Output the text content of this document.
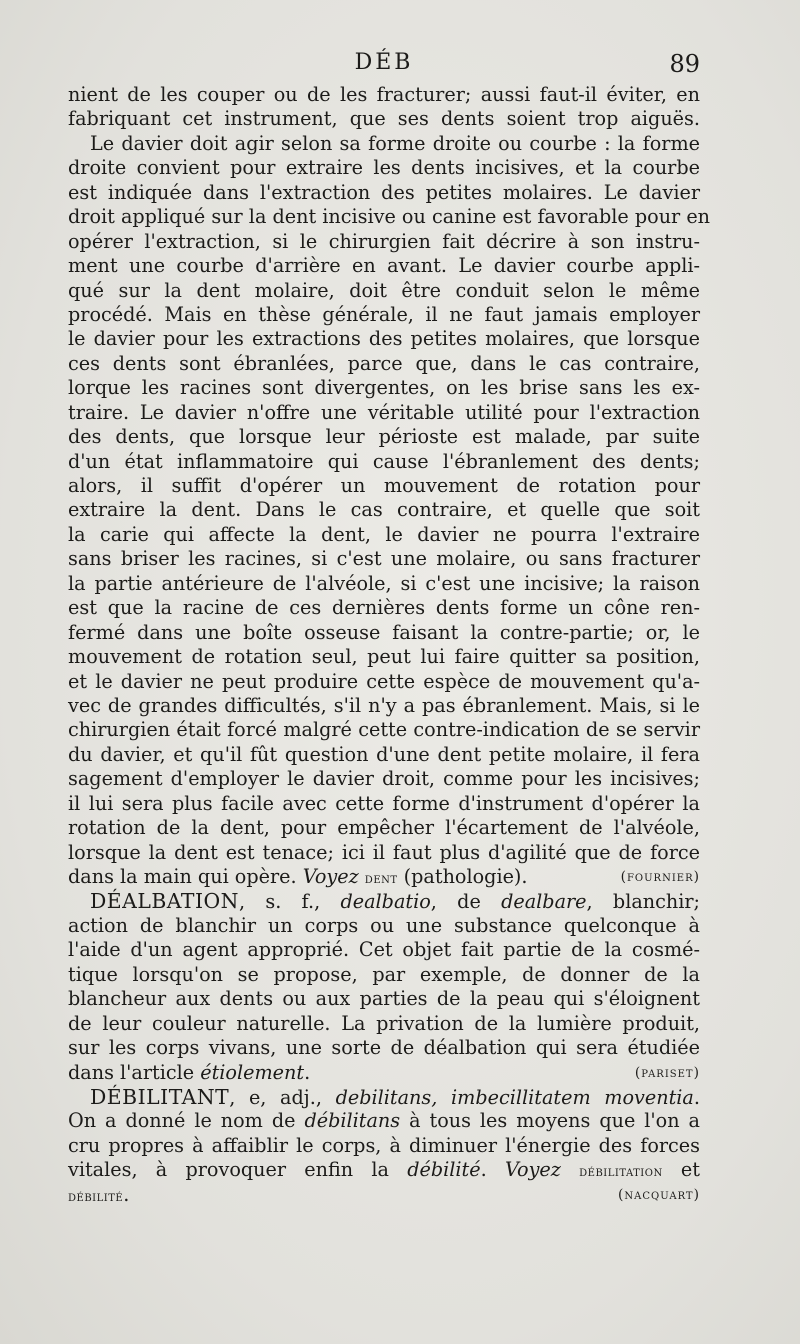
DÉB	89
nient de les couper ou de les fracturer; aussi faut-il éviter, en
fabriquant cet instrument, que ses dents soient trop aiguës.
Le davier doit agir selon sa forme droite ou courbe : la forme
droite convient pour extraire les dents incisives, et la courbe
est indiquée dans l'extraction des petites molaires. Le davier
droit appliqué sur la dent incisive ou canine est favorable pour en
opérer l'extraction, si le chirurgien fait décrire à son instru-
ment une courbe d'arrière en avant. Le davier courbe appli-
qué sur la dent molaire, doit être conduit selon le même
procédé. Mais en thèse générale, il ne faut jamais employer
le davier pour les extractions des petites molaires, que lorsque
ces dents sont ébranlées, parce que, dans le cas contraire,
lorque les racines sont divergentes, on les brise sans les ex-
traire. Le davier n'offre une véritable utilité pour l'extraction
des dents, que lorsque leur périoste est malade, par suite
d'un état inflammatoire qui cause l'ébranlement des dents;
alors, il suffit d'opérer un mouvement de rotation pour
extraire la dent. Dans le cas contraire, et quelle que soit
la carie qui affecte la dent, le davier ne pourra l'extraire
sans briser les racines, si c'est une molaire, ou sans fracturer
la partie antérieure de l'alvéole, si c'est une incisive; la raison
est que la racine de ces dernières dents forme un cône ren-
fermé dans une boîte osseuse faisant la contre-partie; or, le
mouvement de rotation seul, peut lui faire quitter sa position,
et le davier ne peut produire cette espèce de mouvement qu'a-
vec de grandes difficultés, s'il n'y a pas ébranlement. Mais, si le
chirurgien était forcé malgré cette contre-indication de se servir
du davier, et qu'il fût question d'une dent petite molaire, il fera
sagement d'employer le davier droit, comme pour les incisives;
il lui sera plus facile avec cette forme d'instrument d'opérer la
rotation de la dent, pour empêcher l'écartement de l'alvéole,
lorsque la dent est tenace; ici il faut plus d'agilité que de force
dans la main qui opère. Voyez dent (pathologie).	(fournier)
DÉALBATION, s. f., dealbatio, de dealbare, blanchir;
action de blanchir un corps ou une substance quelconque à
l'aide d'un agent approprié. Cet objet fait partie de la cosmé-
tique lorsqu'on se propose, par exemple, de donner de la
blancheur aux dents ou aux parties de la peau qui s'éloignent
de leur couleur naturelle. La privation de la lumière produit,
sur les corps vivans, une sorte de déalbation qui sera étudiée
dans l'article étiolement.	(pariset)
DÉBILITANT, e, adj., debilitans, imbecillitatem moventia.
On a donné le nom de débilitans à tous les moyens que l'on a
cru propres à affaiblir le corps, à diminuer l'énergie des forces
vitales, à provoquer enfin la débilité. Voyez débilitation et
débilité.	(nacquart)
